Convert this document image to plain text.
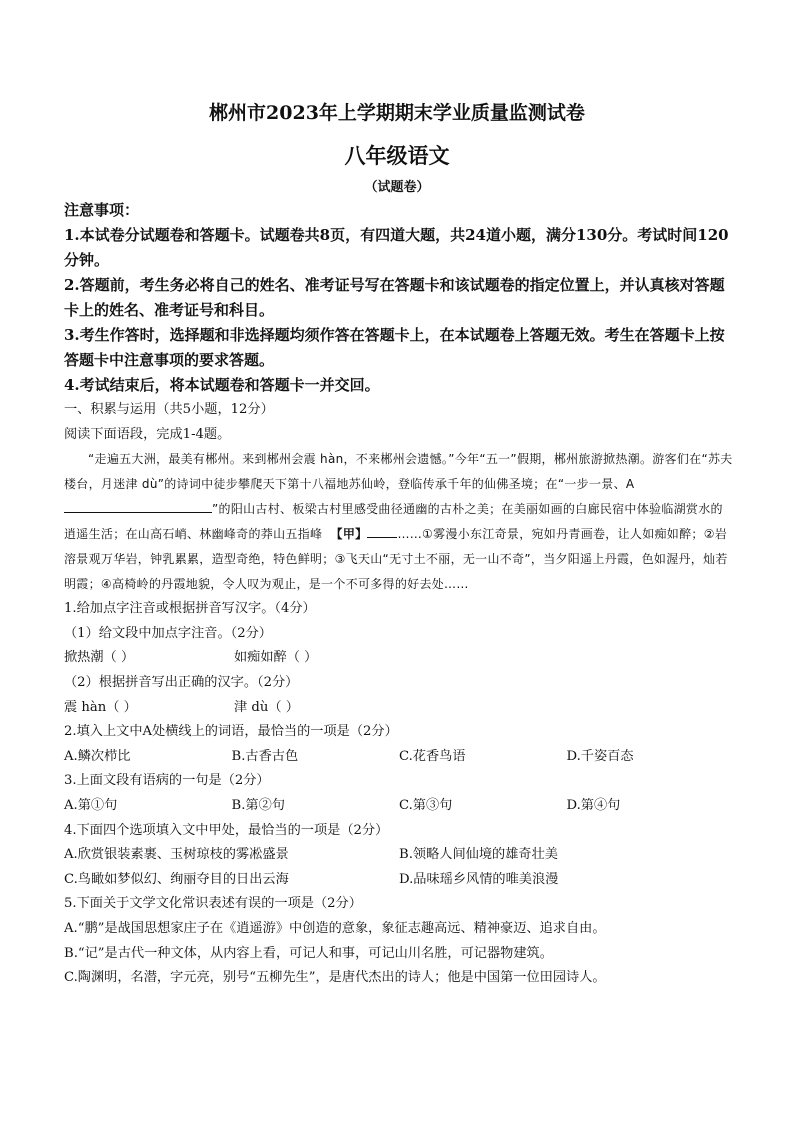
郴州市2023年上学期期末学业质量监测试卷
八年级语文
（试题卷）

注意事项：

1.本试卷分试题卷和答题卡。试题卷共8页，有四道大题，共24道小题，满分130分。考试时间120分钟。

2.答题前，考生务必将自己的姓名、准考证号写在答题卡和该试题卷的指定位置上，并认真核对答题卡上的姓名、准考证号和科目。

3.考生作答时，选择题和非选择题均须作答在答题卡上，在本试题卷上答题无效。考生在答题卡上按答题卡中注意事项的要求答题。

4.考试结束后，将本试题卷和答题卡一并交回。

一、积累与运用（共5小题，12分）

阅读下面语段，完成1-4题。

“走遍五大洲，最美有郴州。来到郴州会震 hàn，不来郴州会遗憾。”今年“五一”假期，郴州旅游掀热潮。游客们在“苏夫楼台，月迷津 dù”的诗词中徒步攀爬天下第十八福地苏仙岭，登临传承千年的仙佛圣境；在“一步一景、A”的阳山古村、板梁古村里感受曲径通幽的古朴之美；在美丽如画的白廊民宿中体验临湖赏水的逍遥生活；在山高石峭、林幽峰奇的莽山五指峰 【甲】	……①雾漫小东江奇景，宛如丹青画卷，让人如痴如醉；②岩溶景观万华岩，钟乳累累，造型奇绝，特色鲜明；③飞天山“无寸土不丽，无一山不奇”，当夕阳遥上丹霞，色如渥丹，灿若明霞；④高椅岭的丹霞地貌，令人叹为观止，是一个不可多得的好去处……

1.给加点字注音或根据拼音写汉字。（4分）

（1）给文段中加点字注音。（2分）

掀热潮（ ）	如痴如醉（ ）

（2）根据拼音写出正确的汉字。（2分）

震 hàn（ ）	津 dù（ ）

2.填入上文中A处横线上的词语，最恰当的一项是（2分）

A.鳞次栉比	B.古香古色	C.花香鸟语	D.千姿百态

3.上面文段有语病的一句是（2分）

A.第①句	B.第②句	C.第③句	D.第④句

4.下面四个选项填入文中甲处，最恰当的一项是（2分）

A.欣赏银装素裹、玉树琼枝的雾凇盛景	B.领略人间仙境的雄奇壮美
C.鸟瞰如梦似幻、绚丽夺目的日出云海	D.品味瑶乡风情的唯美浪漫

5.下面关于文学文化常识表述有误的一项是（2分）

A.“鹏”是战国思想家庄子在《逍遥游》中创造的意象，象征志趣高远、精神豪迈、追求自由。

B.“记”是古代一种文体，从内容上看，可记人和事，可记山川名胜，可记器物建筑。

C.陶渊明，名潜，字元亮，别号“五柳先生”，是唐代杰出的诗人；他是中国第一位田园诗人。
